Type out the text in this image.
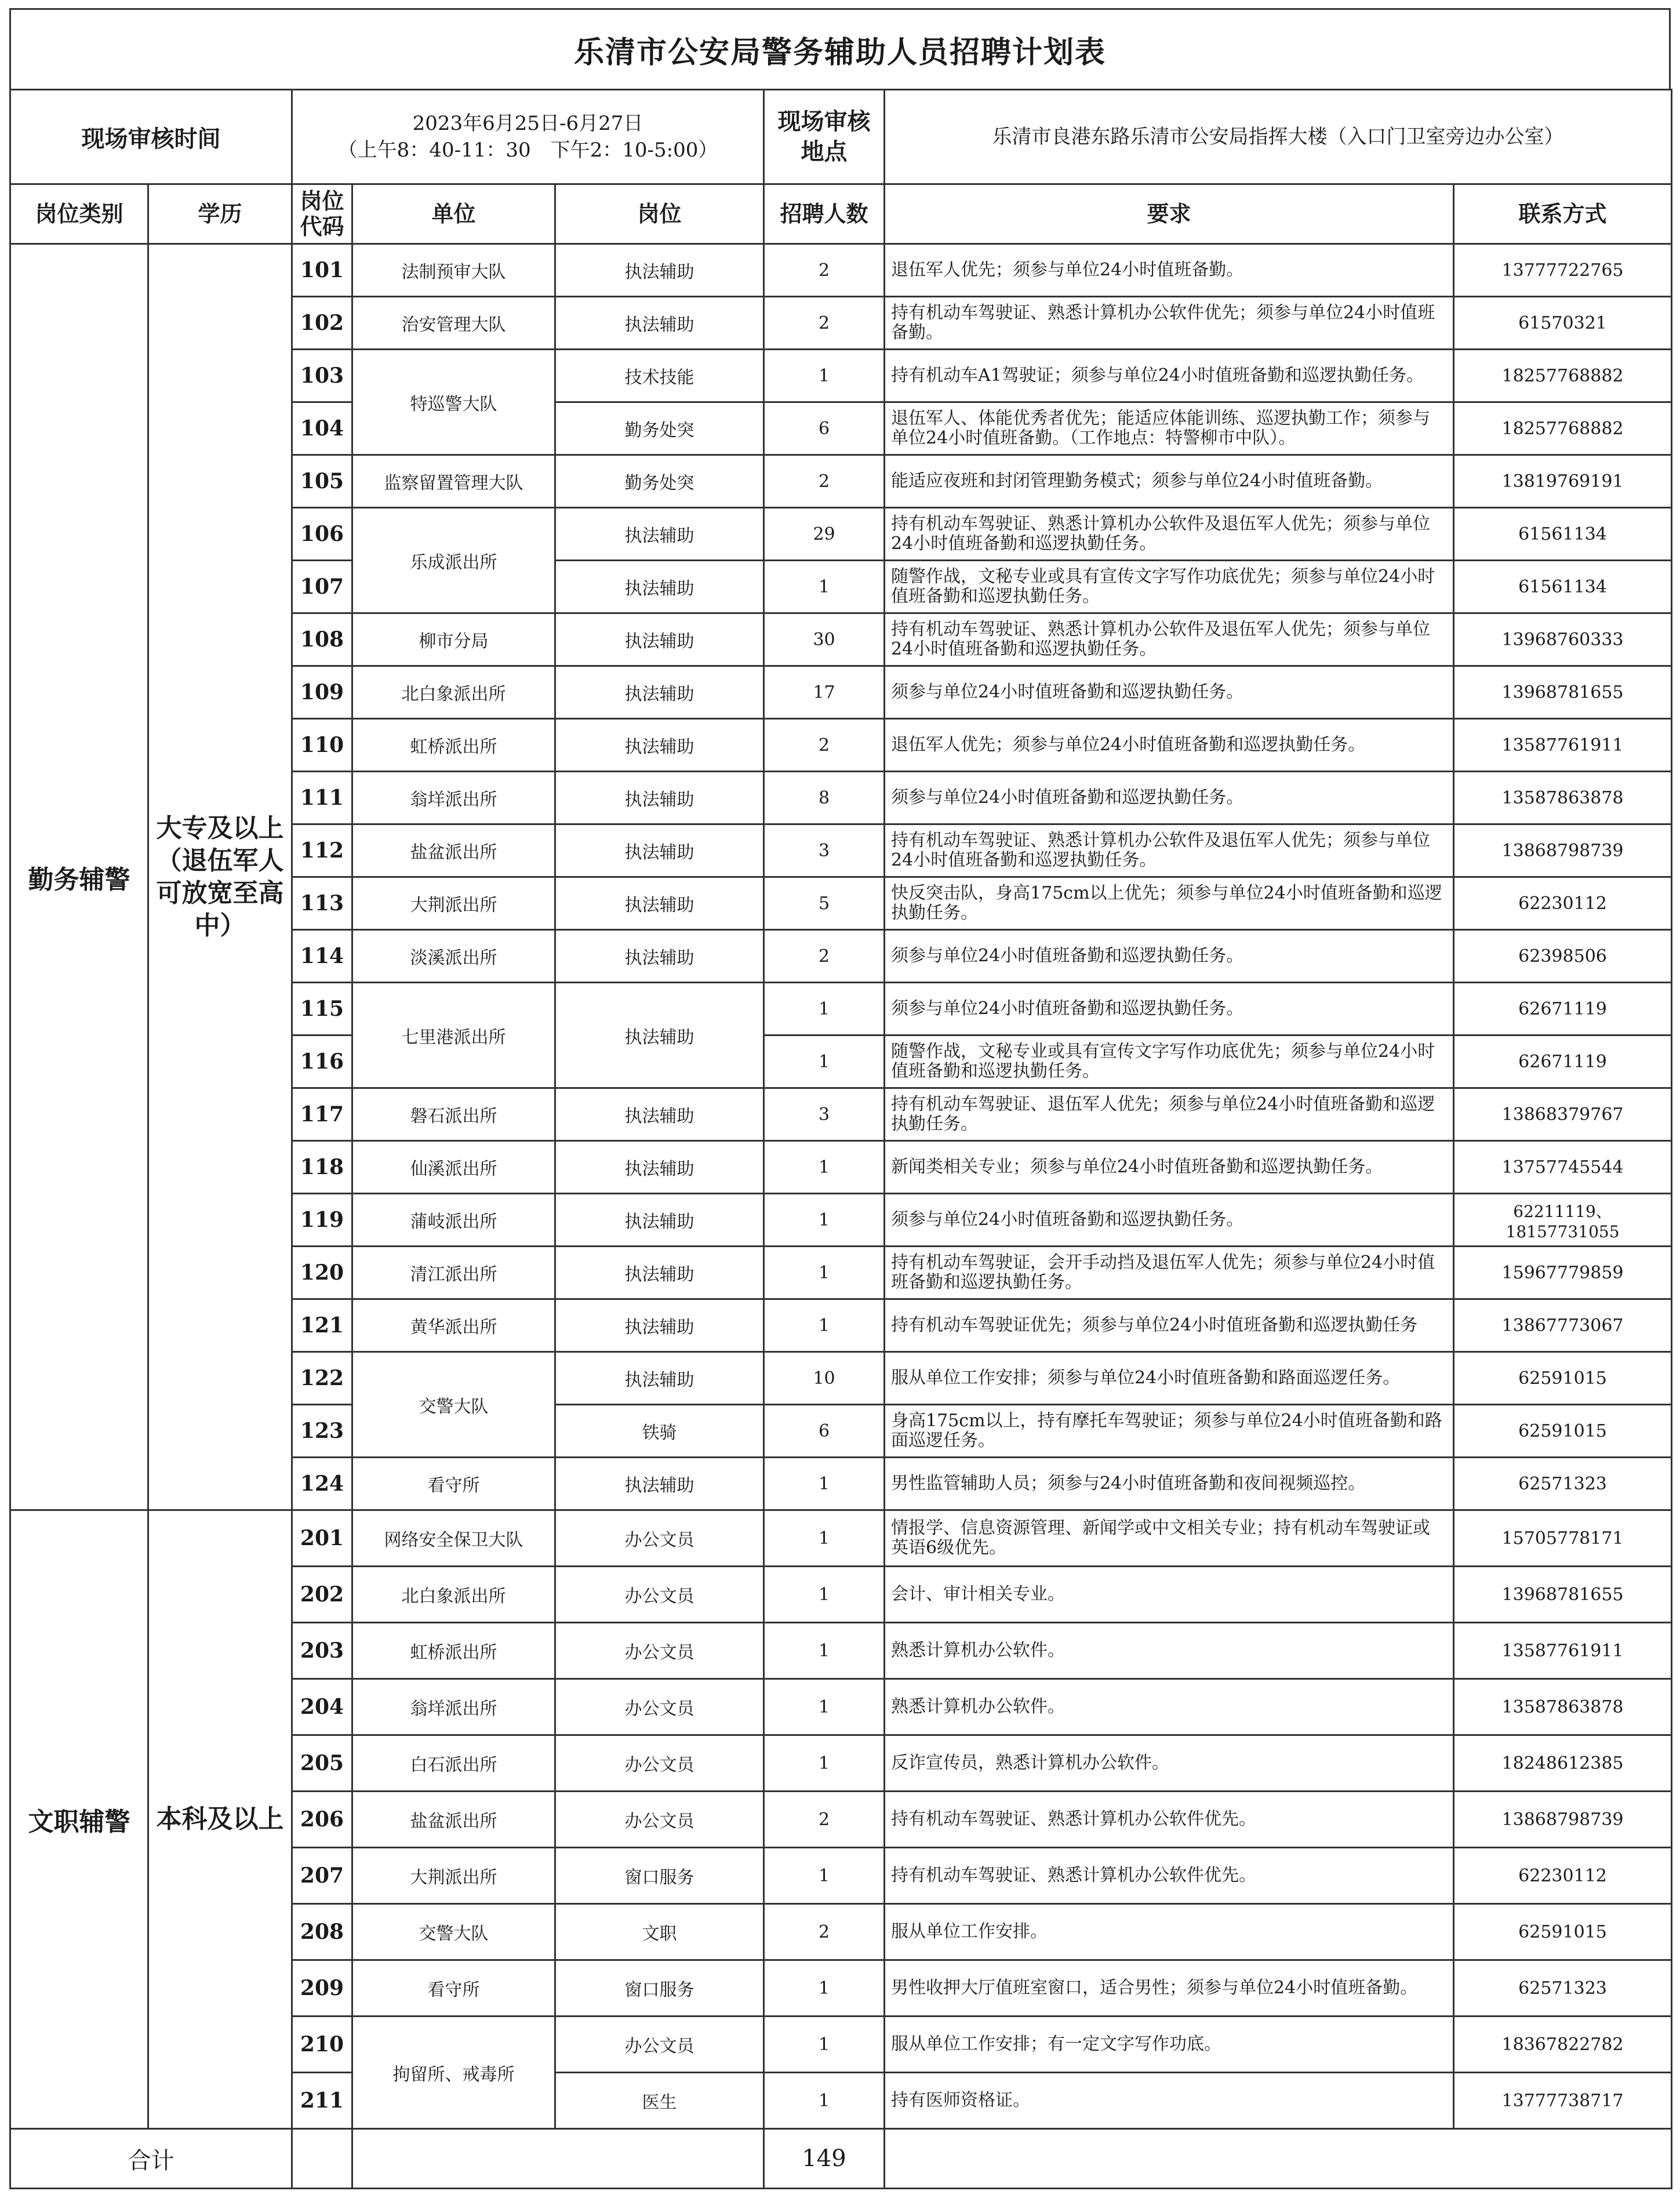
乐清市公安局警务辅助人员招聘计划表
现场审核时间		2023年6月25日-6月27日
（上午8：40-11：30　下午2：10-5:00）			现场审核地点	乐清市良港东路乐清市公安局指挥大楼（入口门卫室旁边办公室）	
岗位类别	学历	岗位代码	单位	岗位	招聘人数	要求	联系方式
勤务辅警	大专及以上（退伍军人可放宽至高中）	101	法制预审大队	执法辅助	2	退伍军人优先；须参与单位24小时值班备勤。	13777722765
		102	治安管理大队	执法辅助	2	持有机动车驾驶证、熟悉计算机办公软件优先；须参与单位24小时值班备勤。	61570321
		103	特巡警大队	技术技能	1	持有机动车A1驾驶证；须参与单位24小时值班备勤和巡逻执勤任务。	18257768882
		104		勤务处突	6	退伍军人、体能优秀者优先；能适应体能训练、巡逻执勤工作；须参与单位24小时值班备勤。（工作地点：特警柳市中队）。	18257768882
		105	监察留置管理大队	勤务处突	2	能适应夜班和封闭管理勤务模式；须参与单位24小时值班备勤。	13819769191
		106	乐成派出所	执法辅助	29	持有机动车驾驶证、熟悉计算机办公软件及退伍军人优先；须参与单位24小时值班备勤和巡逻执勤任务。	61561134
		107		执法辅助	1	随警作战，文秘专业或具有宣传文字写作功底优先；须参与单位24小时值班备勤和巡逻执勤任务。	61561134
		108	柳市分局	执法辅助	30	持有机动车驾驶证、熟悉计算机办公软件及退伍军人优先；须参与单位24小时值班备勤和巡逻执勤任务。	13968760333
		109	北白象派出所	执法辅助	17	须参与单位24小时值班备勤和巡逻执勤任务。	13968781655
		110	虹桥派出所	执法辅助	2	退伍军人优先；须参与单位24小时值班备勤和巡逻执勤任务。	13587761911
		111	翁垟派出所	执法辅助	8	须参与单位24小时值班备勤和巡逻执勤任务。	13587863878
		112	盐盆派出所	执法辅助	3	持有机动车驾驶证、熟悉计算机办公软件及退伍军人优先；须参与单位24小时值班备勤和巡逻执勤任务。	13868798739
		113	大荆派出所	执法辅助	5	快反突击队，身高175cm以上优先；须参与单位24小时值班备勤和巡逻执勤任务。	62230112
		114	淡溪派出所	执法辅助	2	须参与单位24小时值班备勤和巡逻执勤任务。	62398506
		115	七里港派出所	执法辅助	1	须参与单位24小时值班备勤和巡逻执勤任务。	62671119
		116			1	随警作战，文秘专业或具有宣传文字写作功底优先；须参与单位24小时值班备勤和巡逻执勤任务。	62671119
		117	磐石派出所	执法辅助	3	持有机动车驾驶证、退伍军人优先；须参与单位24小时值班备勤和巡逻执勤任务。	13868379767
		118	仙溪派出所	执法辅助	1	新闻类相关专业；须参与单位24小时值班备勤和巡逻执勤任务。	13757745544
		119	蒲岐派出所	执法辅助	1	须参与单位24小时值班备勤和巡逻执勤任务。	62211119、18157731055
		120	清江派出所	执法辅助	1	持有机动车驾驶证，会开手动挡及退伍军人优先；须参与单位24小时值班备勤和巡逻执勤任务。	15967779859
		121	黄华派出所	执法辅助	1	持有机动车驾驶证优先；须参与单位24小时值班备勤和巡逻执勤任务	13867773067
		122	交警大队	执法辅助	10	服从单位工作安排；须参与单位24小时值班备勤和路面巡逻任务。	62591015
		123		铁骑	6	身高175cm以上，持有摩托车驾驶证；须参与单位24小时值班备勤和路面巡逻任务。	62591015
		124	看守所	执法辅助	1	男性监管辅助人员；须参与24小时值班备勤和夜间视频巡控。	62571323
文职辅警	本科及以上	201	网络安全保卫大队	办公文员	1	情报学、信息资源管理、新闻学或中文相关专业；持有机动车驾驶证或英语6级优先。	15705778171
		202	北白象派出所	办公文员	1	会计、审计相关专业。	13968781655
		203	虹桥派出所	办公文员	1	熟悉计算机办公软件。	13587761911
		204	翁垟派出所	办公文员	1	熟悉计算机办公软件。	13587863878
		205	白石派出所	办公文员	1	反诈宣传员，熟悉计算机办公软件。	18248612385
		206	盐盆派出所	办公文员	2	持有机动车驾驶证、熟悉计算机办公软件优先。	13868798739
		207	大荆派出所	窗口服务	1	持有机动车驾驶证、熟悉计算机办公软件优先。	62230112
		208	交警大队	文职	2	服从单位工作安排。	62591015
		209	看守所	窗口服务	1	男性收押大厅值班室窗口，适合男性；须参与单位24小时值班备勤。	62571323
		210	拘留所、戒毒所	办公文员	1	服从单位工作安排；有一定文字写作功底。	18367822782
		211		医生	1	持有医师资格证。	13777738717
合计					149		
